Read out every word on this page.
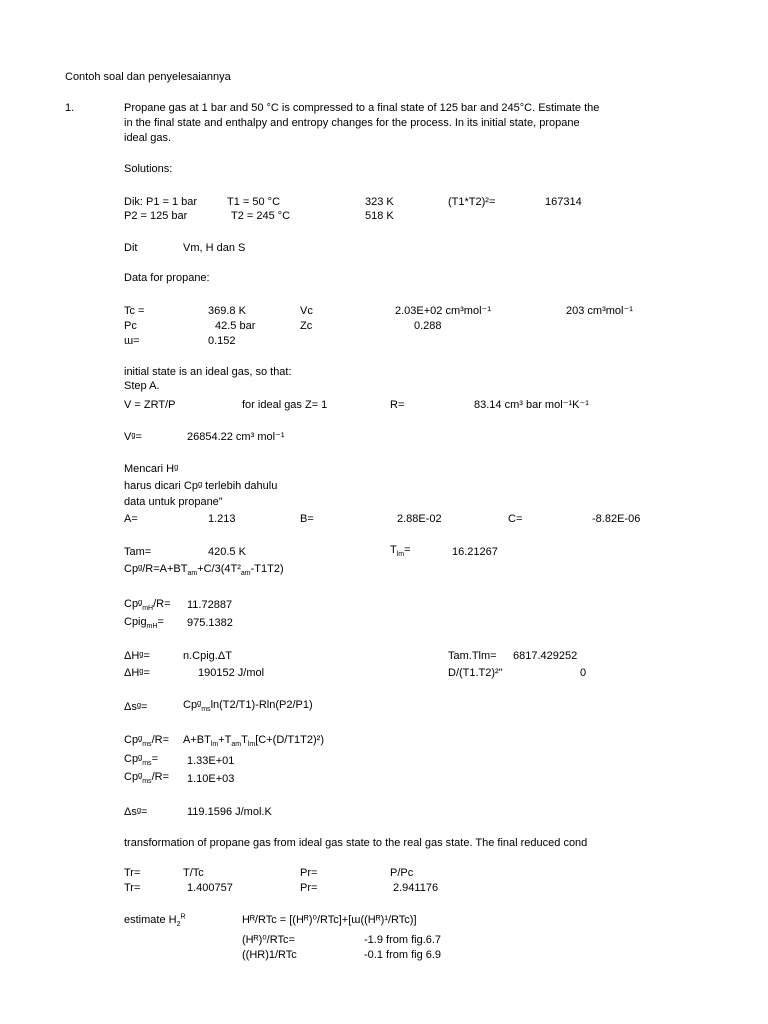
Contoh soal dan penyelesaiannya
1.	Propane gas at 1 bar and 50 °C is compressed to a final state of 125 bar and 245°C. Estimate the
in the final state and enthalpy and entropy changes for the process. In its initial state, propane
ideal gas.
Solutions:
Dik: P1 = 1 bar	T1 = 50 °C	323 K	(T1*T2)²=	167314
P2 = 125 bar	T2 = 245 °C	518 K
Dit	Vm, H dan S
Data for propane:
Tc =	369.8 K	Vc	2.03E+02 cm³mol⁻¹	203 cm³mol⁻¹
Pc	42.5 bar	Zc	0.288
ɯ=	0.152
initial state is an ideal gas, so that:
Step A.
V = ZRT/P	for ideal gas Z= 1	R=	83.14 cm³ bar mol⁻¹K⁻¹
Vᶢ=	26854.22 cm³ mol⁻¹
Mencari Hᶢ
harus dicari Cpᶢ terlebih dahulu
data untuk propane"
A=	1.213	B=	2.88E-02	C=	-8.82E-06
Tam=	420.5 K	$T_{lm}=$	16.21267
Cpᶢ/$R=A+BT_{am}+C/3(4T^2_{am}-T1T2)$
Cpᶢ$_{mH}$/R= 11.72887
Cpig$_{mH}$= 975.1382
ΔHᶢ=	n.Cpig.ΔT	Tam.Tlm= 6817.429252
ΔHᶢ=	190152 J/mol	D/(T1.T2)²"	0
Δsᶢ=	Cpᶢ$_{ms}$ln(T2/T1)-Rln(P2/P1)
Cpᶢ$_{ms}$/R= $A+BT_{lm}+T_{am}T_{lm}[C+(D/T1T2)^2)$
Cpᶢ$_{ms}$=	1.33E+01
Cpᶢ$_{ms}$/R= 1.10E+03
Δsᶢ=	119.1596 J/mol.K
transformation of propane gas from ideal gas state to the real gas state. The final reduced cond
Tr=	T/Tc	Pr=	P/Pc
Tr=	1.400757	Pr=	2.941176
estimate $H_2^R$	Hᴿ/RTc = [(Hᴿ)⁰/RTc]+[ɯ((Hᴿ)¹/RTc)]
(Hᴿ)⁰/RTc=	-1.9 from fig.6.7
((HR)1/RTc	-0.1 from fig 6.9
